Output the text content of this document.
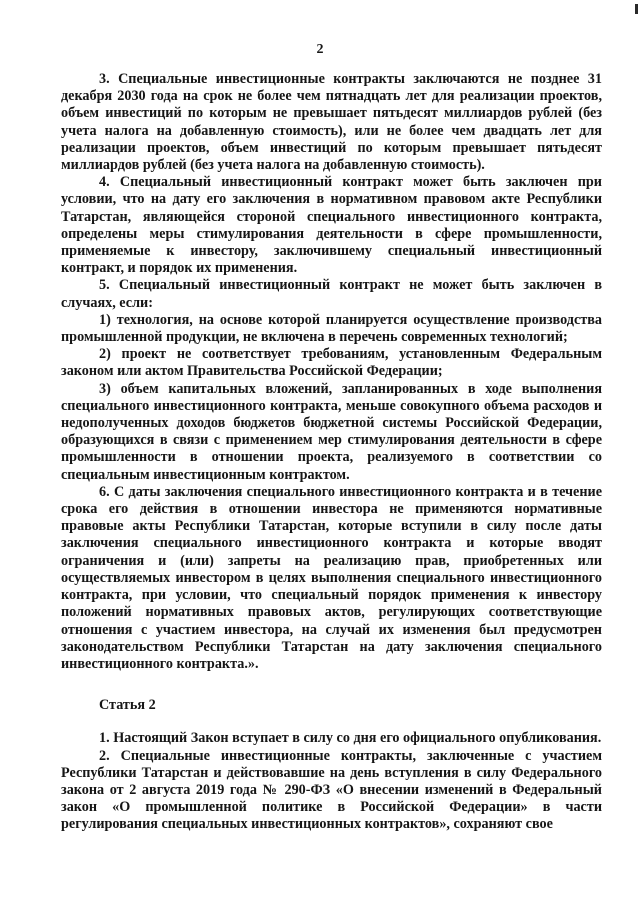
2

3. Специальные инвестиционные контракты заключаются не позднее 31 декабря 2030 года на срок не более чем пятнадцать лет для реализации проектов, объем инвестиций по которым не превышает пятьдесят миллиардов рублей (без учета налога на добавленную стоимость), или не более чем двадцать лет для реализации проектов, объем инвестиций по которым превышает пятьдесят миллиардов рублей (без учета налога на добавленную стоимость).

4. Специальный инвестиционный контракт может быть заключен при условии, что на дату его заключения в нормативном правовом акте Республики Татарстан, являющейся стороной специального инвестиционного контракта, определены меры стимулирования деятельности в сфере промышленности, применяемые к инвестору, заключившему специальный инвестиционный контракт, и порядок их применения.

5. Специальный инвестиционный контракт не может быть заключен в случаях, если:

1) технология, на основе которой планируется осуществление производства промышленной продукции, не включена в перечень современных технологий;

2) проект не соответствует требованиям, установленным Федеральным законом или актом Правительства Российской Федерации;

3) объем капитальных вложений, запланированных в ходе выполнения специального инвестиционного контракта, меньше совокупного объема расходов и недополученных доходов бюджетов бюджетной системы Российской Федерации, образующихся в связи с применением мер стимулирования деятельности в сфере промышленности в отношении проекта, реализуемого в соответствии со специальным инвестиционным контрактом.

6. С даты заключения специального инвестиционного контракта и в течение срока его действия в отношении инвестора не применяются нормативные правовые акты Республики Татарстан, которые вступили в силу после даты заключения специального инвестиционного контракта и которые вводят ограничения и (или) запреты на реализацию прав, приобретенных или осуществляемых инвестором в целях выполнения специального инвестиционного контракта, при условии, что специальный порядок применения к инвестору положений нормативных правовых актов, регулирующих соответствующие отношения с участием инвестора, на случай их изменения был предусмотрен законодательством Республики Татарстан на дату заключения специального инвестиционного контракта.».

Статья 2

1. Настоящий Закон вступает в силу со дня его официального опубликования.

2. Специальные инвестиционные контракты, заключенные с участием Республики Татарстан и действовавшие на день вступления в силу Федерального закона от 2 августа 2019 года № 290-ФЗ «О внесении изменений в Федеральный закон «О промышленной политике в Российской Федерации» в части регулирования специальных инвестиционных контрактов», сохраняют свое
